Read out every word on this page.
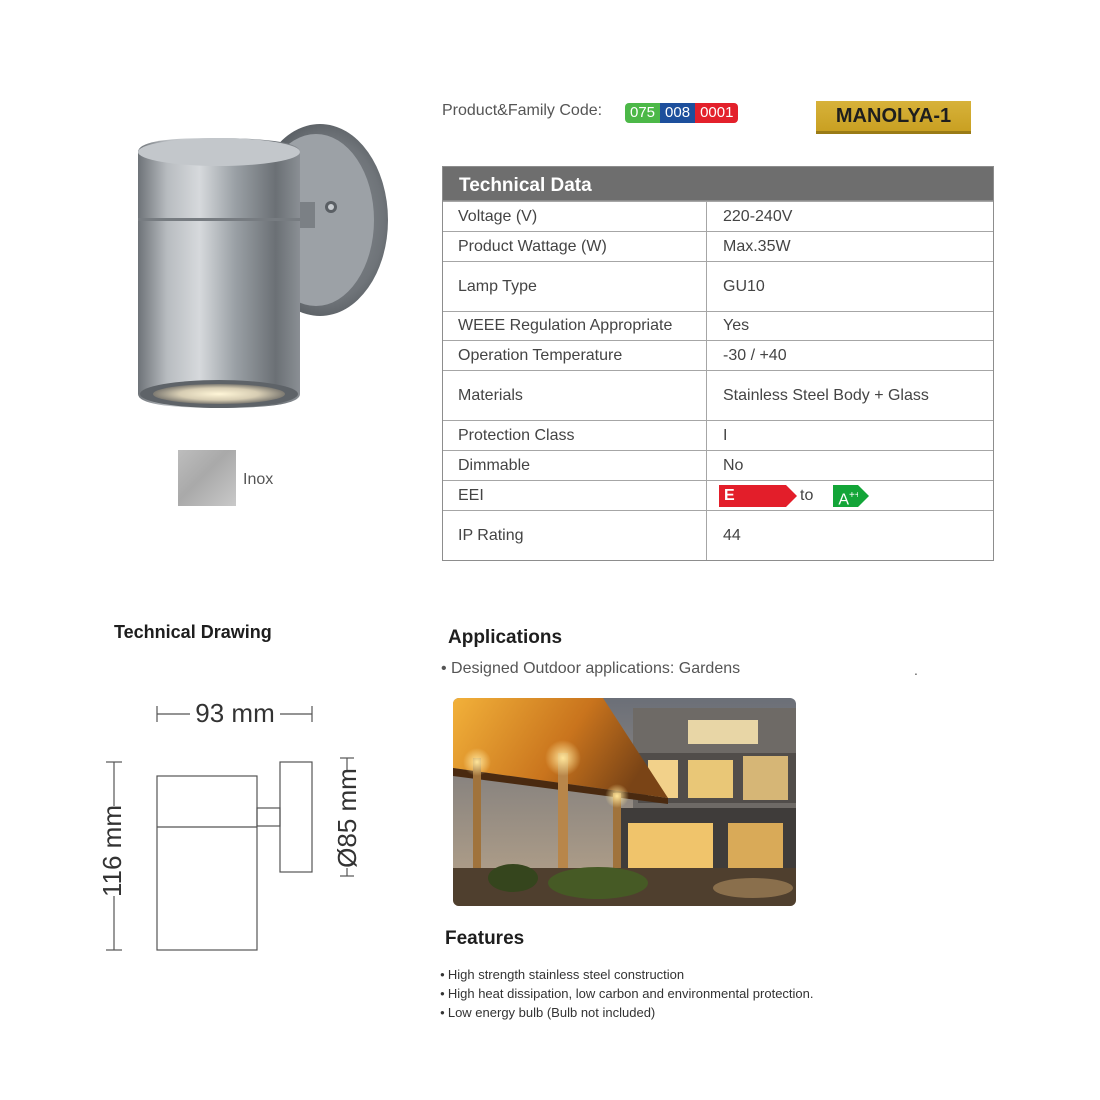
Inox
Product&Family Code:	075 008 0001	MANOLYA-1
Technical Data
Voltage (V)	220-240V
Product Wattage (W)	Max.35W
Lamp Type	GU10
WEEE Regulation Appropriate	Yes
Operation Temperature	-30 / +40
Materials	Stainless Steel Body + Glass
Protection Class	I
Dimmable	No
EEI	E	to	A++
IP Rating	44
Technical Drawing
93 mm
116 mm	Ø85 mm
Applications
• Designed Outdoor applications: Gardens	.
Features
● High strength stainless steel construction
● High heat dissipation, low carbon and environmental protection.
● Low energy bulb (Bulb not included)
